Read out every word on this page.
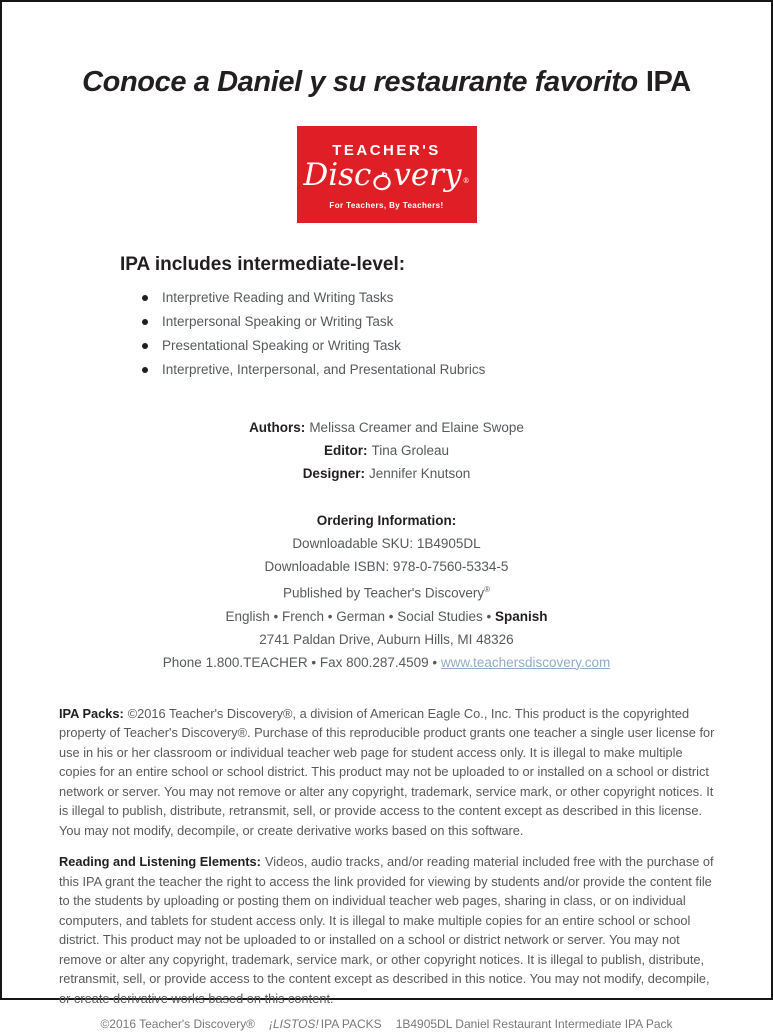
Conoce a Daniel y su restaurante favorito IPA
TEACHER'S
Disc very ®
For Teachers, By Teachers!
IPA includes intermediate-level:
Interpretive Reading and Writing Tasks
Interpersonal Speaking or Writing Task
Presentational Speaking or Writing Task
Interpretive, Interpersonal, and Presentational Rubrics
Authors: Melissa Creamer and Elaine Swope
Editor: Tina Groleau
Designer: Jennifer Knutson
Ordering Information:
Downloadable SKU: 1B4905DL
Downloadable ISBN: 978-0-7560-5334-5
Published by Teacher's Discovery®
English • French • German • Social Studies • Spanish
2741 Paldan Drive, Auburn Hills, MI 48326
Phone 1.800.TEACHER • Fax 800.287.4509 • www.teachersdiscovery.com

IPA Packs: ©2016 Teacher's Discovery®, a division of American Eagle Co., Inc. This product is the copyrighted property of Teacher's Discovery®. Purchase of this reproducible product grants one teacher a single user license for use in his or her classroom or individual teacher web page for student access only. It is illegal to make multiple copies for an entire school or school district. This product may not be uploaded to or installed on a school or district network or server. You may not remove or alter any copyright, trademark, service mark, or other copyright notices. It is illegal to publish, distribute, retransmit, sell, or provide access to the content except as described in this license. You may not modify, decompile, or create derivative works based on this software.

Reading and Listening Elements: Videos, audio tracks, and/or reading material included free with the purchase of this IPA grant the teacher the right to access the link provided for viewing by students and/or provide the content file to the students by uploading or posting them on individual teacher web pages, sharing in class, or on individual computers, and tablets for student access only. It is illegal to make multiple copies for an entire school or school district. This product may not be uploaded to or installed on a school or district network or server. You may not remove or alter any copyright, trademark, service mark, or other copyright notices. It is illegal to publish, distribute, retransmit, sell, or provide access to the content except as described in this notice. You may not modify, decompile, or create derivative works based on this content.

©2016 Teacher's Discovery® ¡LISTOS! IPA PACKS 1B4905DL Daniel Restaurant Intermediate IPA Pack
